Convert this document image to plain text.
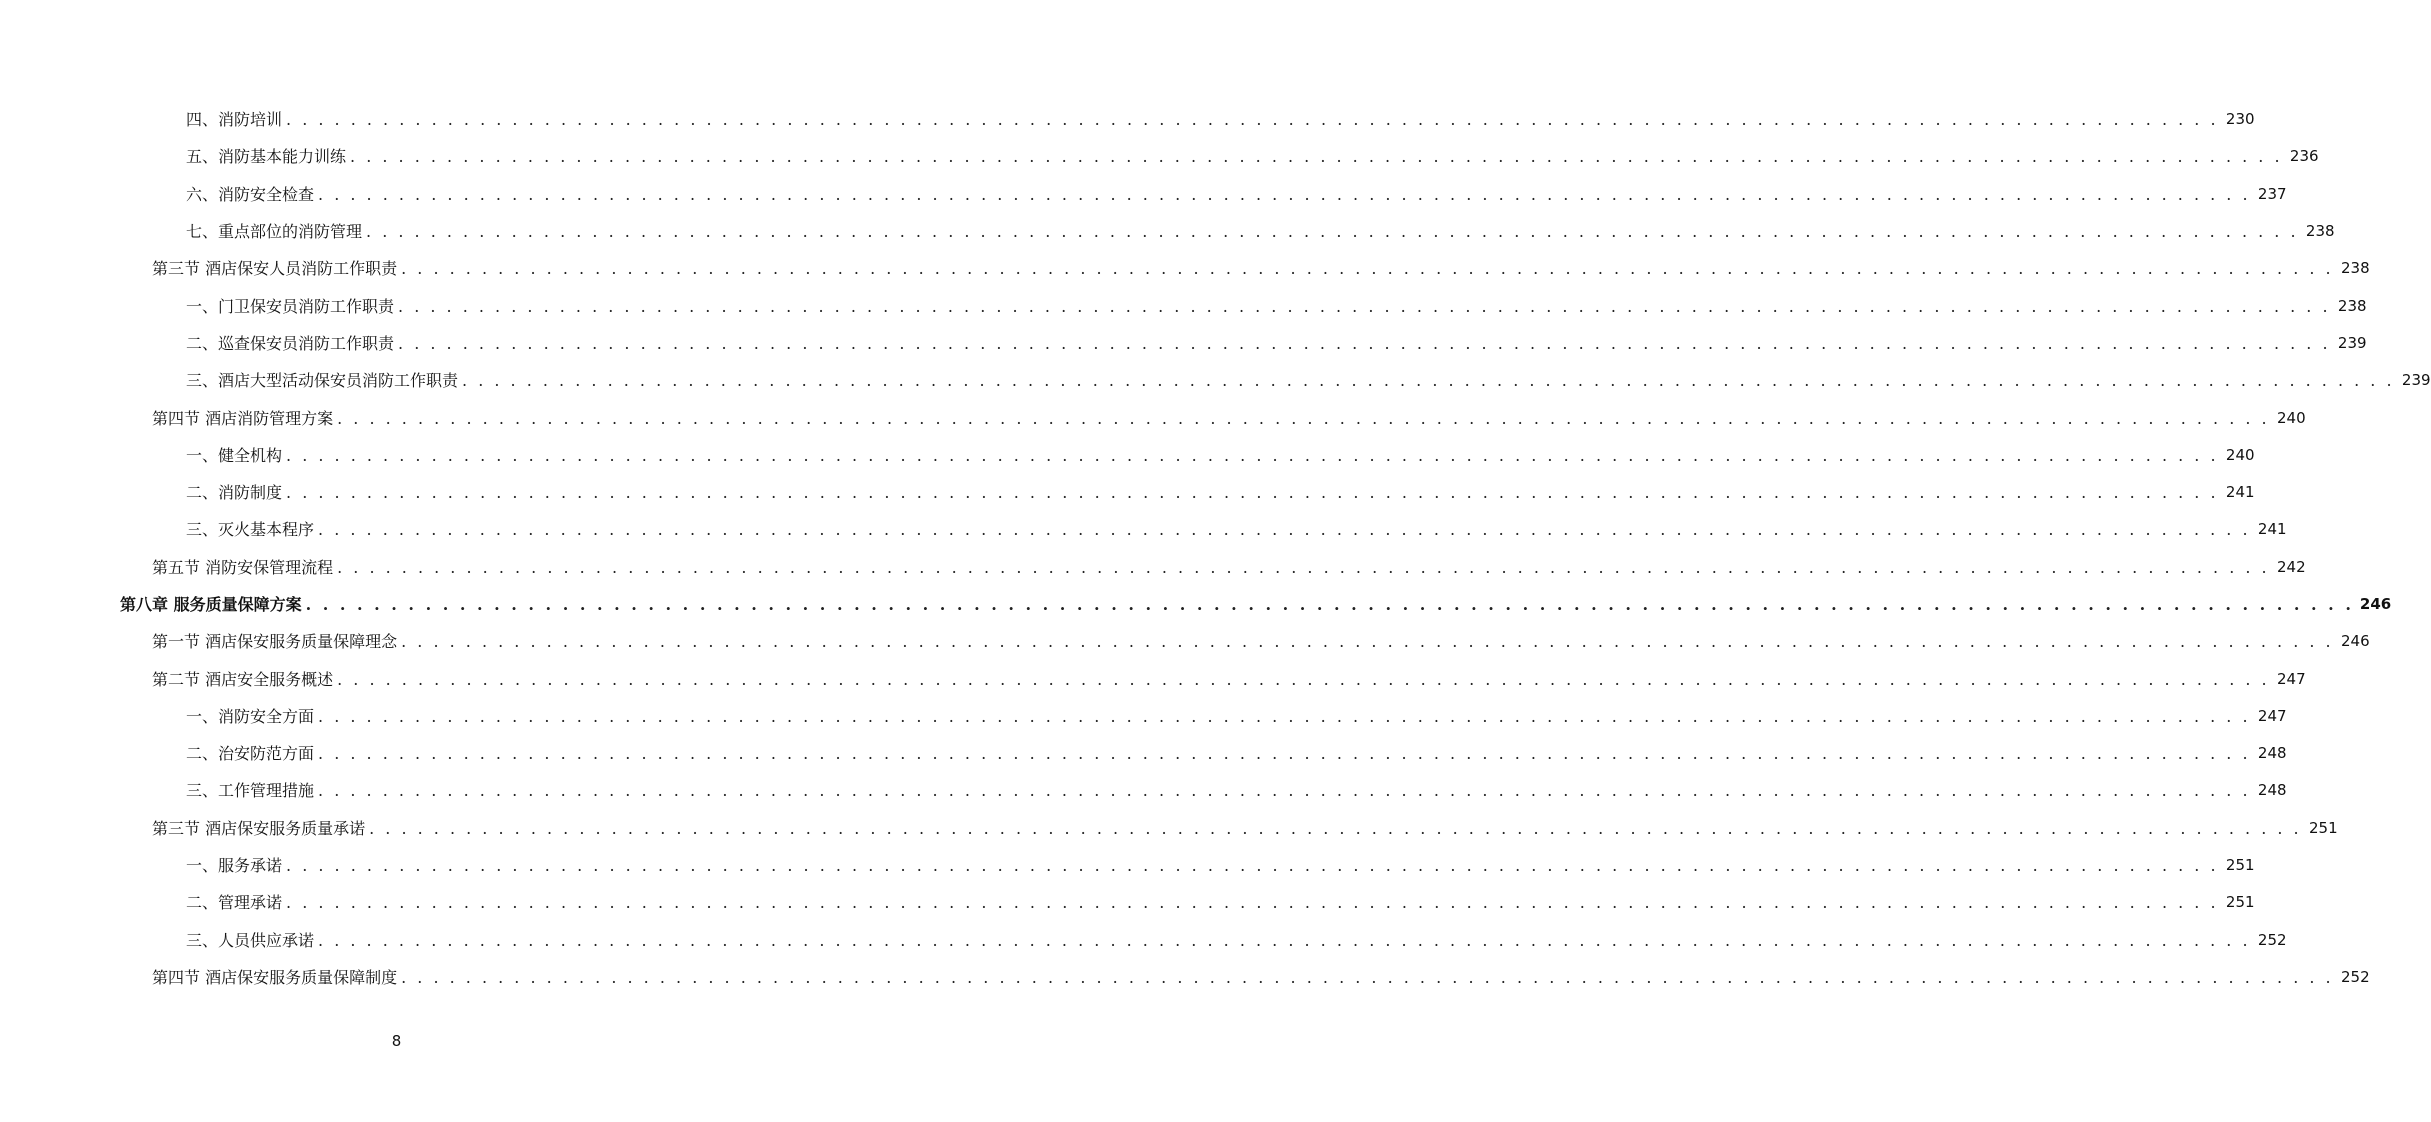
四、消防培训 . . . . . . . . . . . . . . . . . . . . . . . . . . . . . . . . . . . . . . . . . . . . . . . . . . . . . . . . . . . . . . . . . . . . . . . . . . . . . . . . . . . . . . . . . . . . . . . . . . . . . . . . . . . . . . . . . . . . . . . . 230
五、消防基本能力训练 . . . . . . . . . . . . . . . . . . . . . . . . . . . . . . . . . . . . . . . . . . . . . . . . . . . . . . . . . . . . . . . . . . . . . . . . . . . . . . . . . . . . . . . . . . . . . . . . . . . . . . . . . . . . . . . . . . . . . . . . 236
六、消防安全检查 . . . . . . . . . . . . . . . . . . . . . . . . . . . . . . . . . . . . . . . . . . . . . . . . . . . . . . . . . . . . . . . . . . . . . . . . . . . . . . . . . . . . . . . . . . . . . . . . . . . . . . . . . . . . . . . . . . . . . . . . 237
七、重点部位的消防管理 . . . . . . . . . . . . . . . . . . . . . . . . . . . . . . . . . . . . . . . . . . . . . . . . . . . . . . . . . . . . . . . . . . . . . . . . . . . . . . . . . . . . . . . . . . . . . . . . . . . . . . . . . . . . . . . . . . . . . . . . 238
第三节 酒店保安人员消防工作职责 . . . . . . . . . . . . . . . . . . . . . . . . . . . . . . . . . . . . . . . . . . . . . . . . . . . . . . . . . . . . . . . . . . . . . . . . . . . . . . . . . . . . . . . . . . . . . . . . . . . . . . . . . . . . . . . . . . . . . . . . 238
一、门卫保安员消防工作职责 . . . . . . . . . . . . . . . . . . . . . . . . . . . . . . . . . . . . . . . . . . . . . . . . . . . . . . . . . . . . . . . . . . . . . . . . . . . . . . . . . . . . . . . . . . . . . . . . . . . . . . . . . . . . . . . . . . . . . . . . 238
二、巡查保安员消防工作职责 . . . . . . . . . . . . . . . . . . . . . . . . . . . . . . . . . . . . . . . . . . . . . . . . . . . . . . . . . . . . . . . . . . . . . . . . . . . . . . . . . . . . . . . . . . . . . . . . . . . . . . . . . . . . . . . . . . . . . . . . 239
三、酒店大型活动保安员消防工作职责 . . . . . . . . . . . . . . . . . . . . . . . . . . . . . . . . . . . . . . . . . . . . . . . . . . . . . . . . . . . . . . . . . . . . . . . . . . . . . . . . . . . . . . . . . . . . . . . . . . . . . . . . . . . . . . . . . . . . . . . . 239
第四节 酒店消防管理方案 . . . . . . . . . . . . . . . . . . . . . . . . . . . . . . . . . . . . . . . . . . . . . . . . . . . . . . . . . . . . . . . . . . . . . . . . . . . . . . . . . . . . . . . . . . . . . . . . . . . . . . . . . . . . . . . . . . . . . . . . 240
一、健全机构 . . . . . . . . . . . . . . . . . . . . . . . . . . . . . . . . . . . . . . . . . . . . . . . . . . . . . . . . . . . . . . . . . . . . . . . . . . . . . . . . . . . . . . . . . . . . . . . . . . . . . . . . . . . . . . . . . . . . . . . . 240
二、消防制度 . . . . . . . . . . . . . . . . . . . . . . . . . . . . . . . . . . . . . . . . . . . . . . . . . . . . . . . . . . . . . . . . . . . . . . . . . . . . . . . . . . . . . . . . . . . . . . . . . . . . . . . . . . . . . . . . . . . . . . . . 241
三、灭火基本程序 . . . . . . . . . . . . . . . . . . . . . . . . . . . . . . . . . . . . . . . . . . . . . . . . . . . . . . . . . . . . . . . . . . . . . . . . . . . . . . . . . . . . . . . . . . . . . . . . . . . . . . . . . . . . . . . . . . . . . . . . 241
第五节 消防安保管理流程 . . . . . . . . . . . . . . . . . . . . . . . . . . . . . . . . . . . . . . . . . . . . . . . . . . . . . . . . . . . . . . . . . . . . . . . . . . . . . . . . . . . . . . . . . . . . . . . . . . . . . . . . . . . . . . . . . . . . . . . . 242
第八章 服务质量保障方案 . . . . . . . . . . . . . . . . . . . . . . . . . . . . . . . . . . . . . . . . . . . . . . . . . . . . . . . . . . . . . . . . . . . . . . . . . . . . . . . . . . . . . . . . . . . . . . . . . . . . . . . . . . . . . . . . . . . . . . . . 246
第一节 酒店保安服务质量保障理念 . . . . . . . . . . . . . . . . . . . . . . . . . . . . . . . . . . . . . . . . . . . . . . . . . . . . . . . . . . . . . . . . . . . . . . . . . . . . . . . . . . . . . . . . . . . . . . . . . . . . . . . . . . . . . . . . . . . . . . . . 246
第二节 酒店安全服务概述 . . . . . . . . . . . . . . . . . . . . . . . . . . . . . . . . . . . . . . . . . . . . . . . . . . . . . . . . . . . . . . . . . . . . . . . . . . . . . . . . . . . . . . . . . . . . . . . . . . . . . . . . . . . . . . . . . . . . . . . . 247
一、消防安全方面 . . . . . . . . . . . . . . . . . . . . . . . . . . . . . . . . . . . . . . . . . . . . . . . . . . . . . . . . . . . . . . . . . . . . . . . . . . . . . . . . . . . . . . . . . . . . . . . . . . . . . . . . . . . . . . . . . . . . . . . . 247
二、治安防范方面 . . . . . . . . . . . . . . . . . . . . . . . . . . . . . . . . . . . . . . . . . . . . . . . . . . . . . . . . . . . . . . . . . . . . . . . . . . . . . . . . . . . . . . . . . . . . . . . . . . . . . . . . . . . . . . . . . . . . . . . . 248
三、工作管理措施 . . . . . . . . . . . . . . . . . . . . . . . . . . . . . . . . . . . . . . . . . . . . . . . . . . . . . . . . . . . . . . . . . . . . . . . . . . . . . . . . . . . . . . . . . . . . . . . . . . . . . . . . . . . . . . . . . . . . . . . . 248
第三节 酒店保安服务质量承诺 . . . . . . . . . . . . . . . . . . . . . . . . . . . . . . . . . . . . . . . . . . . . . . . . . . . . . . . . . . . . . . . . . . . . . . . . . . . . . . . . . . . . . . . . . . . . . . . . . . . . . . . . . . . . . . . . . . . . . . . . 251
一、服务承诺 . . . . . . . . . . . . . . . . . . . . . . . . . . . . . . . . . . . . . . . . . . . . . . . . . . . . . . . . . . . . . . . . . . . . . . . . . . . . . . . . . . . . . . . . . . . . . . . . . . . . . . . . . . . . . . . . . . . . . . . . 251
二、管理承诺 . . . . . . . . . . . . . . . . . . . . . . . . . . . . . . . . . . . . . . . . . . . . . . . . . . . . . . . . . . . . . . . . . . . . . . . . . . . . . . . . . . . . . . . . . . . . . . . . . . . . . . . . . . . . . . . . . . . . . . . . 251
三、人员供应承诺 . . . . . . . . . . . . . . . . . . . . . . . . . . . . . . . . . . . . . . . . . . . . . . . . . . . . . . . . . . . . . . . . . . . . . . . . . . . . . . . . . . . . . . . . . . . . . . . . . . . . . . . . . . . . . . . . . . . . . . . . 252
第四节 酒店保安服务质量保障制度 . . . . . . . . . . . . . . . . . . . . . . . . . . . . . . . . . . . . . . . . . . . . . . . . . . . . . . . . . . . . . . . . . . . . . . . . . . . . . . . . . . . . . . . . . . . . . . . . . . . . . . . . . . . . . . . . . . . . . . . . 252
8
